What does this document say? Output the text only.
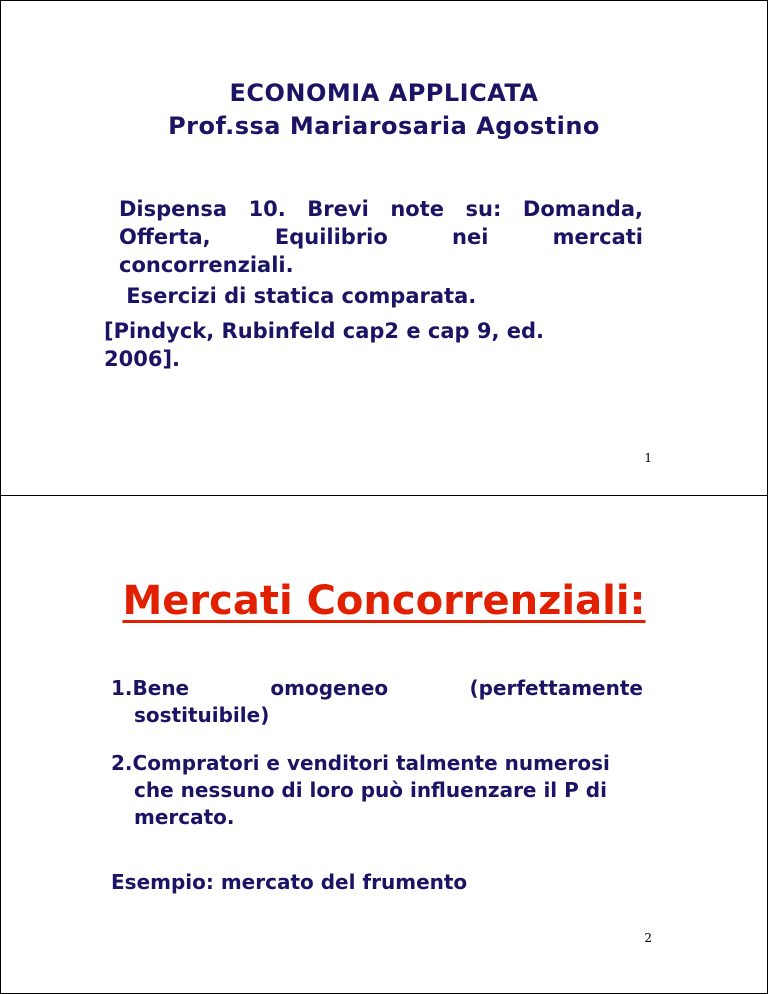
ECONOMIA APPLICATA
Prof.ssa Mariarosaria Agostino
Dispensa 10. Brevi note su: Domanda,
Offerta,	Equilibrio	nei	mercati
concorrenziali.
Esercizi di statica comparata.
[Pindyck, Rubinfeld cap2 e cap 9, ed.
2006].
1
Mercati Concorrenziali:
1.Bene	omogeneo	(perfettamente
sostituibile)
2.Compratori e venditori talmente numerosi
che nessuno di loro può influenzare il P di
mercato.
Esempio: mercato del frumento
2
